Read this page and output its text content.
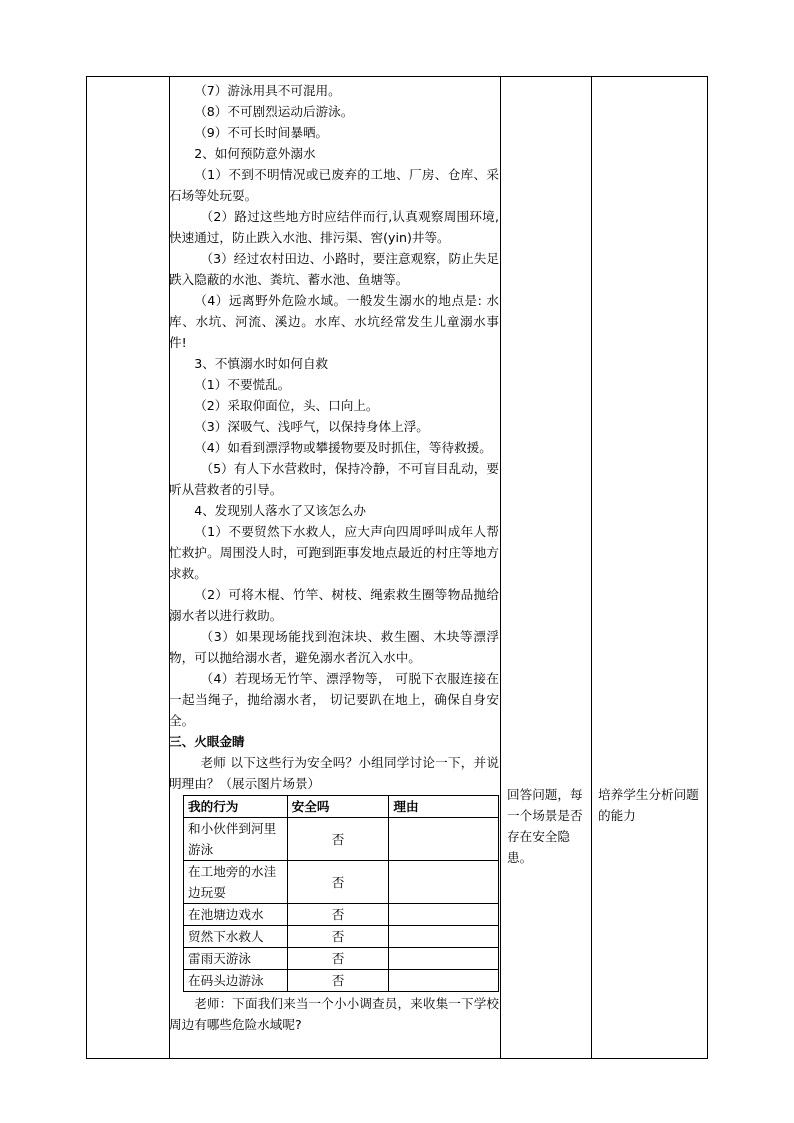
（7）游泳用具不可混用。

（8）不可剧烈运动后游泳。

（9）不可长时间暴晒。

2、如何预防意外溺水

（1）不到不明情况或已废弃的工地、厂房、仓库、采石场等处玩耍。

（2）路过这些地方时应结伴而行,认真观察周围环境,快速通过，防止跌入水池、排污渠、窖(yin)井等。

（3）经过农村田边、小路时，要注意观察，防止失足跌入隐蔽的水池、粪坑、蓄水池、鱼塘等。

（4）远离野外危险水域。一般发生溺水的地点是: 水库、水坑、河流、溪边。水库、水坑经常发生儿童溺水事件!

3、不慎溺水时如何自救

（1）不要慌乱。

（2）采取仰面位，头、口向上。

（3）深吸气、浅呼气，以保持身体上浮。

（4）如看到漂浮物或攀援物要及时抓住，等待救援。

（5）有人下水营救时，保持冷静，不可盲目乱动，要听从营救者的引导。

4、发现别人落水了又该怎么办

（1）不要贸然下水救人，应大声向四周呼叫成年人帮忙救护。周围没人时，可跑到距事发地点最近的村庄等地方求救。

（2）可将木棍、竹竿、树枝、绳索救生圈等物品抛给溺水者以进行救助。

（3）如果现场能找到泡沫块、救生圈、木块等漂浮物，可以抛给溺水者，避免溺水者沉入水中。

（4）若现场无竹竿、漂浮物等， 可脱下衣服连接在一起当绳子，抛给溺水者， 切记要趴在地上，确保自身安全。

三、火眼金睛

老师 以下这些行为安全吗？小组同学讨论一下，并说明理由？（展示图片场景）

我的行为	安全吗	理由
和小伙伴到河里游泳	否	
在工地旁的水洼边玩耍	否	
在池塘边戏水	否	
贸然下水救人	否	
雷雨天游泳	否	
在码头边游泳	否	

老师：下面我们来当一个小小调查员，来收集一下学校周边有哪些危险水域呢?

回答问题，每一个场景是否存在安全隐患。

培养学生分析问题的能力
